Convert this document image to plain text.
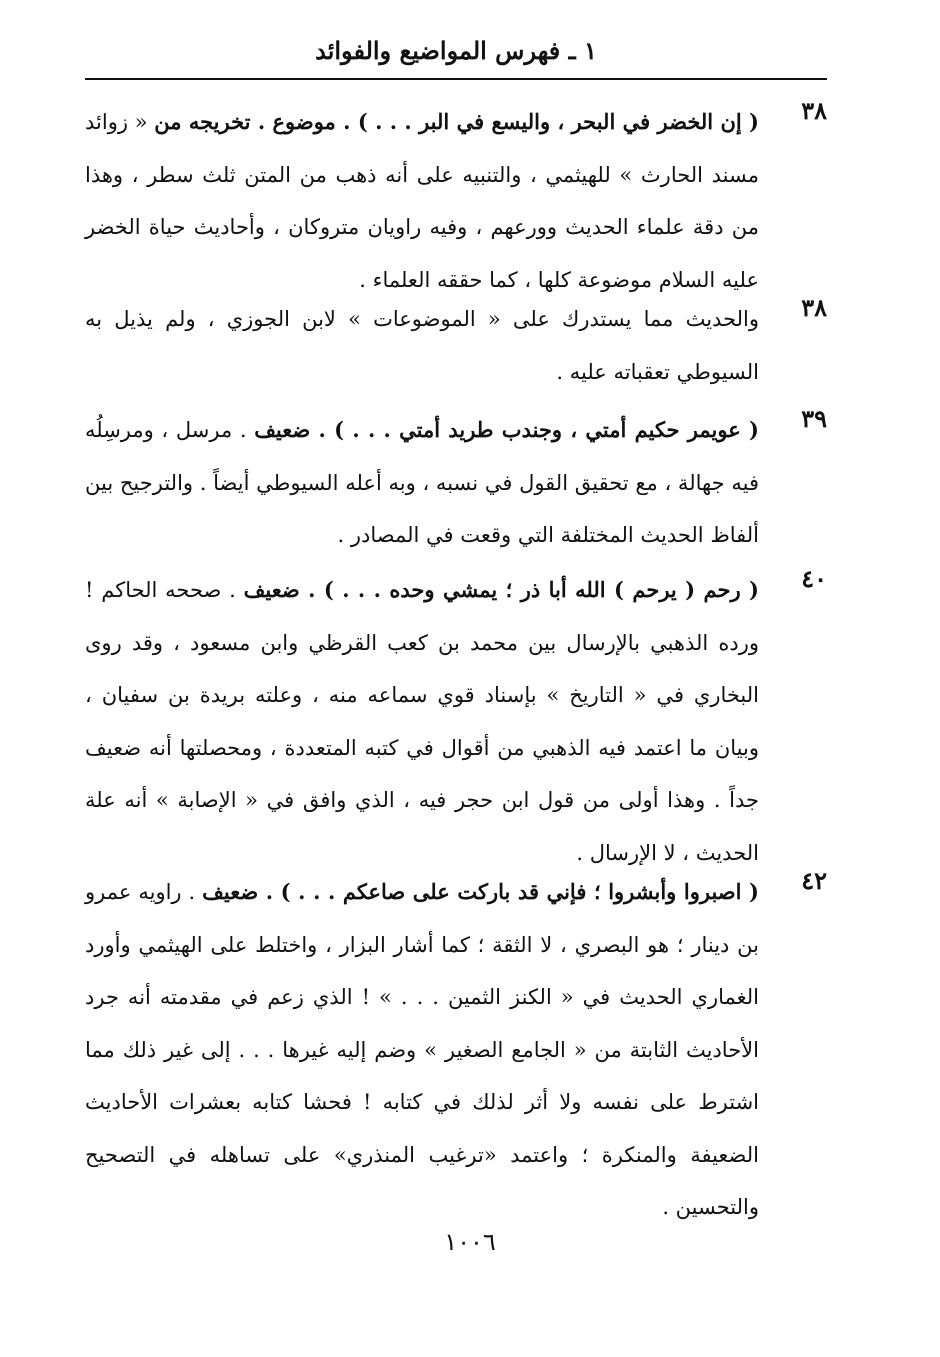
١ ـ فهرس المواضيع والفوائد
٣٨
( إن الخضر في البحر ، واليسع في البر . . . ) . موضوع . تخريجه من « زوائد مسند الحارث » للهيثمي ، والتنبيه على أنه ذهب من المتن ثلث سطر ، وهذا من دقة علماء الحديث وورعهم ، وفيه راويان متروكان ، وأحاديث حياة الخضر عليه السلام موضوعة كلها ، كما حققه العلماء .
٣٨
والحديث مما يستدرك على « الموضوعات » لابن الجوزي ، ولم يذيل به السيوطي تعقباته عليه .
٣٩
( عويمر حكيم أمتي ، وجندب طريد أمتي . . . ) . ضعيف . مرسل ، ومرسِلُه فيه جهالة ، مع تحقيق القول في نسبه ، وبه أعله السيوطي أيضاً . والترجيح بين ألفاظ الحديث المختلفة التي وقعت في المصادر .
٤٠
( رحم ( يرحم ) الله أبا ذر ؛ يمشي وحده . . . ) . ضعيف . صححه الحاكم ! ورده الذهبي بالإرسال بين محمد بن كعب القرظي وابن مسعود ، وقد روى البخاري في « التاريخ » بإسناد قوي سماعه منه ، وعلته بريدة بن سفيان ، وبيان ما اعتمد فيه الذهبي من أقوال في كتبه المتعددة ، ومحصلتها أنه ضعيف جداً . وهذا أولى من قول ابن حجر فيه ، الذي وافق في « الإصابة » أنه علة الحديث ، لا الإرسال .
٤٢
( اصبروا وأبشروا ؛ فإني قد باركت على صاعكم . . . ) . ضعيف . راويه عمرو بن دينار ؛ هو البصري ، لا الثقة ؛ كما أشار البزار ، واختلط على الهيثمي وأورد الغماري الحديث في « الكنز الثمين . . . » ! الذي زعم في مقدمته أنه جرد الأحاديث الثابتة من « الجامع الصغير » وضم إليه غيرها . . . إلى غير ذلك مما اشترط على نفسه ولا أثر لذلك في كتابه ! فحشا كتابه بعشرات الأحاديث الضعيفة والمنكرة ؛ واعتمد «ترغيب المنذري» على تساهله في التصحيح والتحسين .
١٠٠٦
